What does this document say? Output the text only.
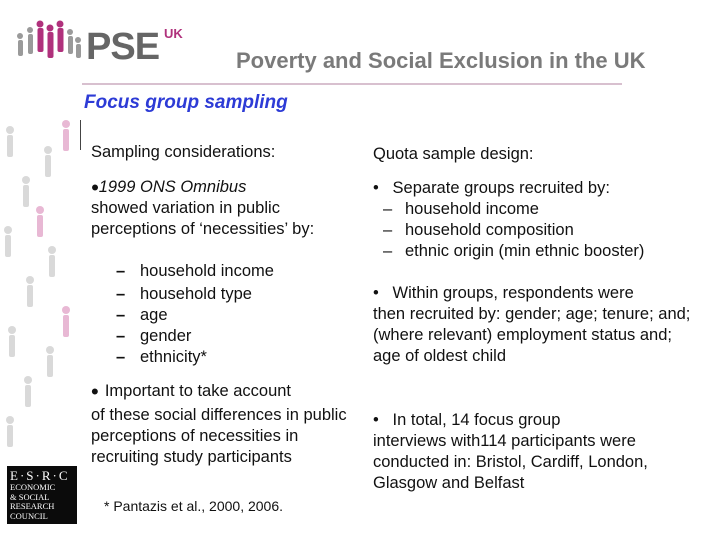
PSE UK
Poverty and Social Exclusion in the UK
Focus group sampling
Sampling considerations:
•1999 ONS Omnibus
showed variation in public perceptions of ‘necessities’ by:
– household income
– household type
– age
– gender
– ethnicity*
• Important to take account
of these social differences in public perceptions of necessities in recruiting study participants
* Pantazis et al., 2000, 2006.
Quota sample design:
•   Separate groups recruited by:
– household income
– household composition
– ethnic origin (min ethnic booster)
•   Within groups, respondents were
then recruited by: gender; age; tenure; and; (where relevant) employment status and; age of oldest child
•   In total, 14 focus group
interviews with114 participants were conducted in: Bristol, Cardiff, London, Glasgow and Belfast
E·S·R·C
ECONOMIC
& SOCIAL
RESEARCH
COUNCIL
